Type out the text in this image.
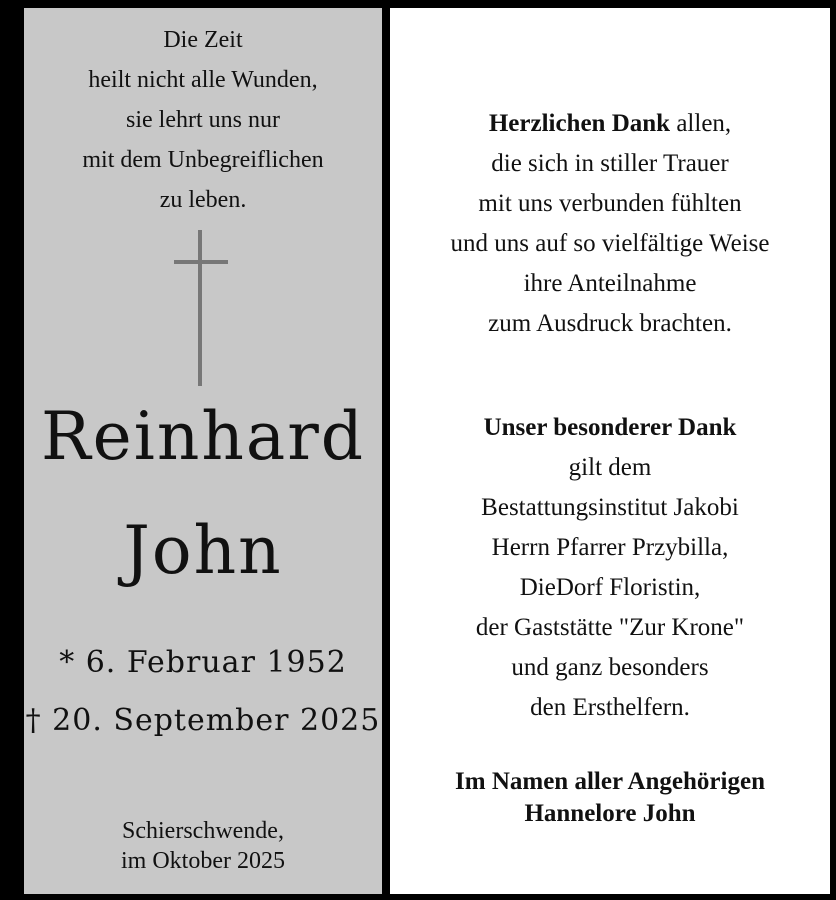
Die Zeit
heilt nicht alle Wunden,
sie lehrt uns nur
mit dem Unbegreiflichen
zu leben.
Reinhard
John
* 6. Februar 1952
† 20. September 2025
Schierschwende,
im Oktober 2025
Herzlichen Dank allen,
die sich in stiller Trauer
mit uns verbunden fühlten
und uns auf so vielfältige Weise
ihre Anteilnahme
zum Ausdruck brachten.
Unser besonderer Dank
gilt dem
Bestattungsinstitut Jakobi
Herrn Pfarrer Przybilla,
DieDorf Floristin,
der Gaststätte "Zur Krone"
und ganz besonders
den Ersthelfern.
Im Namen aller Angehörigen
Hannelore John
